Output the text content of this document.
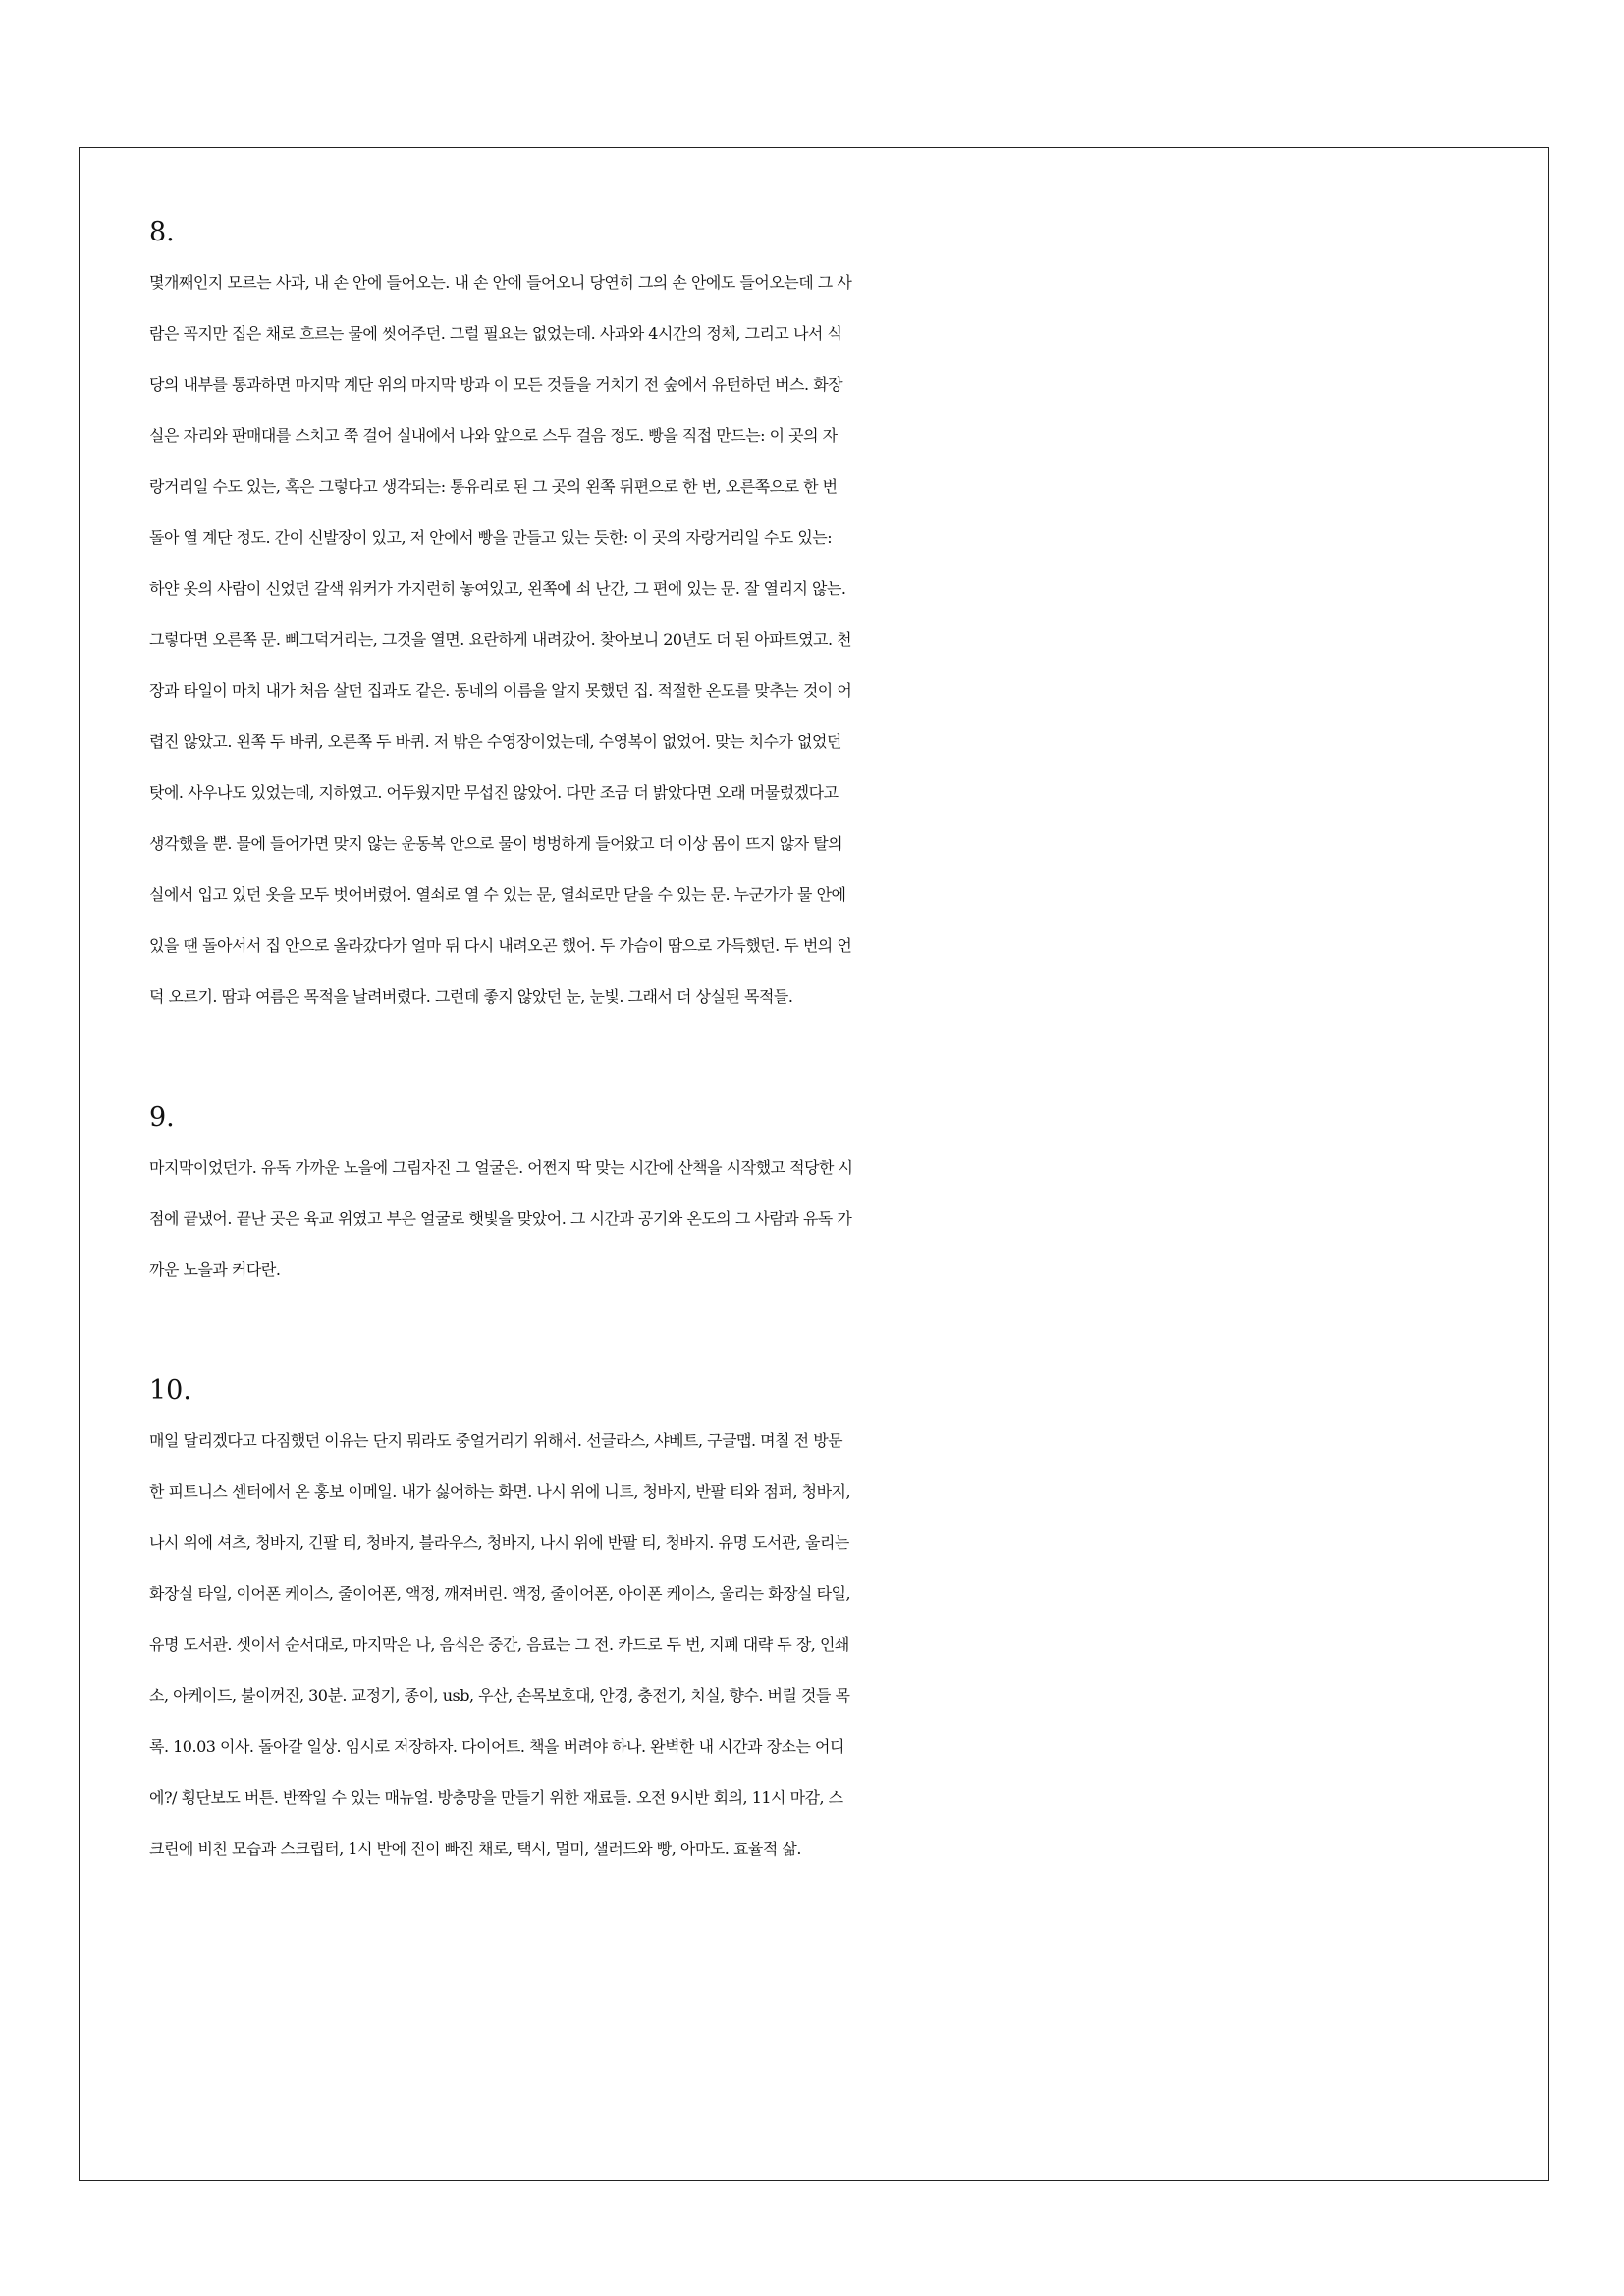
8.
몇개째인지 모르는 사과, 내 손 안에 들어오는. 내 손 안에 들어오니 당연히 그의 손 안에도 들어오는데 그 사
람은 꼭지만 집은 채로 흐르는 물에 씻어주던. 그럴 필요는 없었는데. 사과와 4시간의 정체, 그리고 나서 식
당의 내부를 통과하면 마지막 계단 위의 마지막 방과 이 모든 것들을 거치기 전 숲에서 유턴하던 버스. 화장
실은 자리와 판매대를 스치고 쭉 걸어 실내에서 나와 앞으로 스무 걸음 정도. 빵을 직접 만드는: 이 곳의 자
랑거리일 수도 있는, 혹은 그렇다고 생각되는: 통유리로 된 그 곳의 왼쪽 뒤편으로 한 번, 오른쪽으로 한 번
돌아 열 계단 정도. 간이 신발장이 있고, 저 안에서 빵을 만들고 있는 듯한: 이 곳의 자랑거리일 수도 있는:
하얀 옷의 사람이 신었던 갈색 워커가 가지런히 놓여있고, 왼쪽에 쇠 난간, 그 편에 있는 문. 잘 열리지 않는.
그렇다면 오른쪽 문. 삐그덕거리는, 그것을 열면. 요란하게 내려갔어. 찾아보니 20년도 더 된 아파트였고. 천
장과 타일이 마치 내가 처음 살던 집과도 같은. 동네의 이름을 알지 못했던 집. 적절한 온도를 맞추는 것이 어
렵진 않았고. 왼쪽 두 바퀴, 오른쪽 두 바퀴. 저 밖은 수영장이었는데, 수영복이 없었어. 맞는 치수가 없었던
탓에. 사우나도 있었는데, 지하였고. 어두웠지만 무섭진 않았어. 다만 조금 더 밝았다면 오래 머물렀겠다고
생각했을 뿐. 물에 들어가면 맞지 않는 운동복 안으로 물이 벙벙하게 들어왔고 더 이상 몸이 뜨지 않자 탈의
실에서 입고 있던 옷을 모두 벗어버렸어. 열쇠로 열 수 있는 문, 열쇠로만 닫을 수 있는 문. 누군가가 물 안에
있을 땐 돌아서서 집 안으로 올라갔다가 얼마 뒤 다시 내려오곤 했어. 두 가슴이 땀으로 가득했던. 두 번의 언
덕 오르기. 땀과 여름은 목적을 날려버렸다. 그런데 좋지 않았던 눈, 눈빛. 그래서 더 상실된 목적들.
9.
마지막이었던가. 유독 가까운 노을에 그림자진 그 얼굴은. 어쩐지 딱 맞는 시간에 산책을 시작했고 적당한 시
점에 끝냈어. 끝난 곳은 육교 위였고 부은 얼굴로 햇빛을 맞았어. 그 시간과 공기와 온도의 그 사람과 유독 가
까운 노을과 커다란.
10.
매일 달리겠다고 다짐했던 이유는 단지 뭐라도 중얼거리기 위해서. 선글라스, 샤베트, 구글맵. 며칠 전 방문
한 피트니스 센터에서 온 홍보 이메일. 내가 싫어하는 화면. 나시 위에 니트, 청바지, 반팔 티와 점퍼, 청바지,
나시 위에 셔츠, 청바지, 긴팔 티, 청바지, 블라우스, 청바지, 나시 위에 반팔 티, 청바지. 유명 도서관, 울리는
화장실 타일, 이어폰 케이스, 줄이어폰, 액정, 깨져버린. 액정, 줄이어폰, 아이폰 케이스, 울리는 화장실 타일,
유명 도서관. 셋이서 순서대로, 마지막은 나, 음식은 중간, 음료는 그 전. 카드로 두 번, 지폐 대략 두 장, 인쇄
소, 아케이드, 불이꺼진, 30분. 교정기, 종이, usb, 우산, 손목보호대, 안경, 충전기, 치실, 향수. 버릴 것들 목
록. 10.03 이사. 돌아갈 일상. 임시로 저장하자. 다이어트. 책을 버려야 하나. 완벽한 내 시간과 장소는 어디
에?/ 횡단보도 버튼. 반짝일 수 있는 매뉴얼. 방충망을 만들기 위한 재료들. 오전 9시반 회의, 11시 마감, 스
크린에 비친 모습과 스크립터, 1시 반에 진이 빠진 채로, 택시, 멀미, 샐러드와 빵, 아마도. 효율적 삶.
